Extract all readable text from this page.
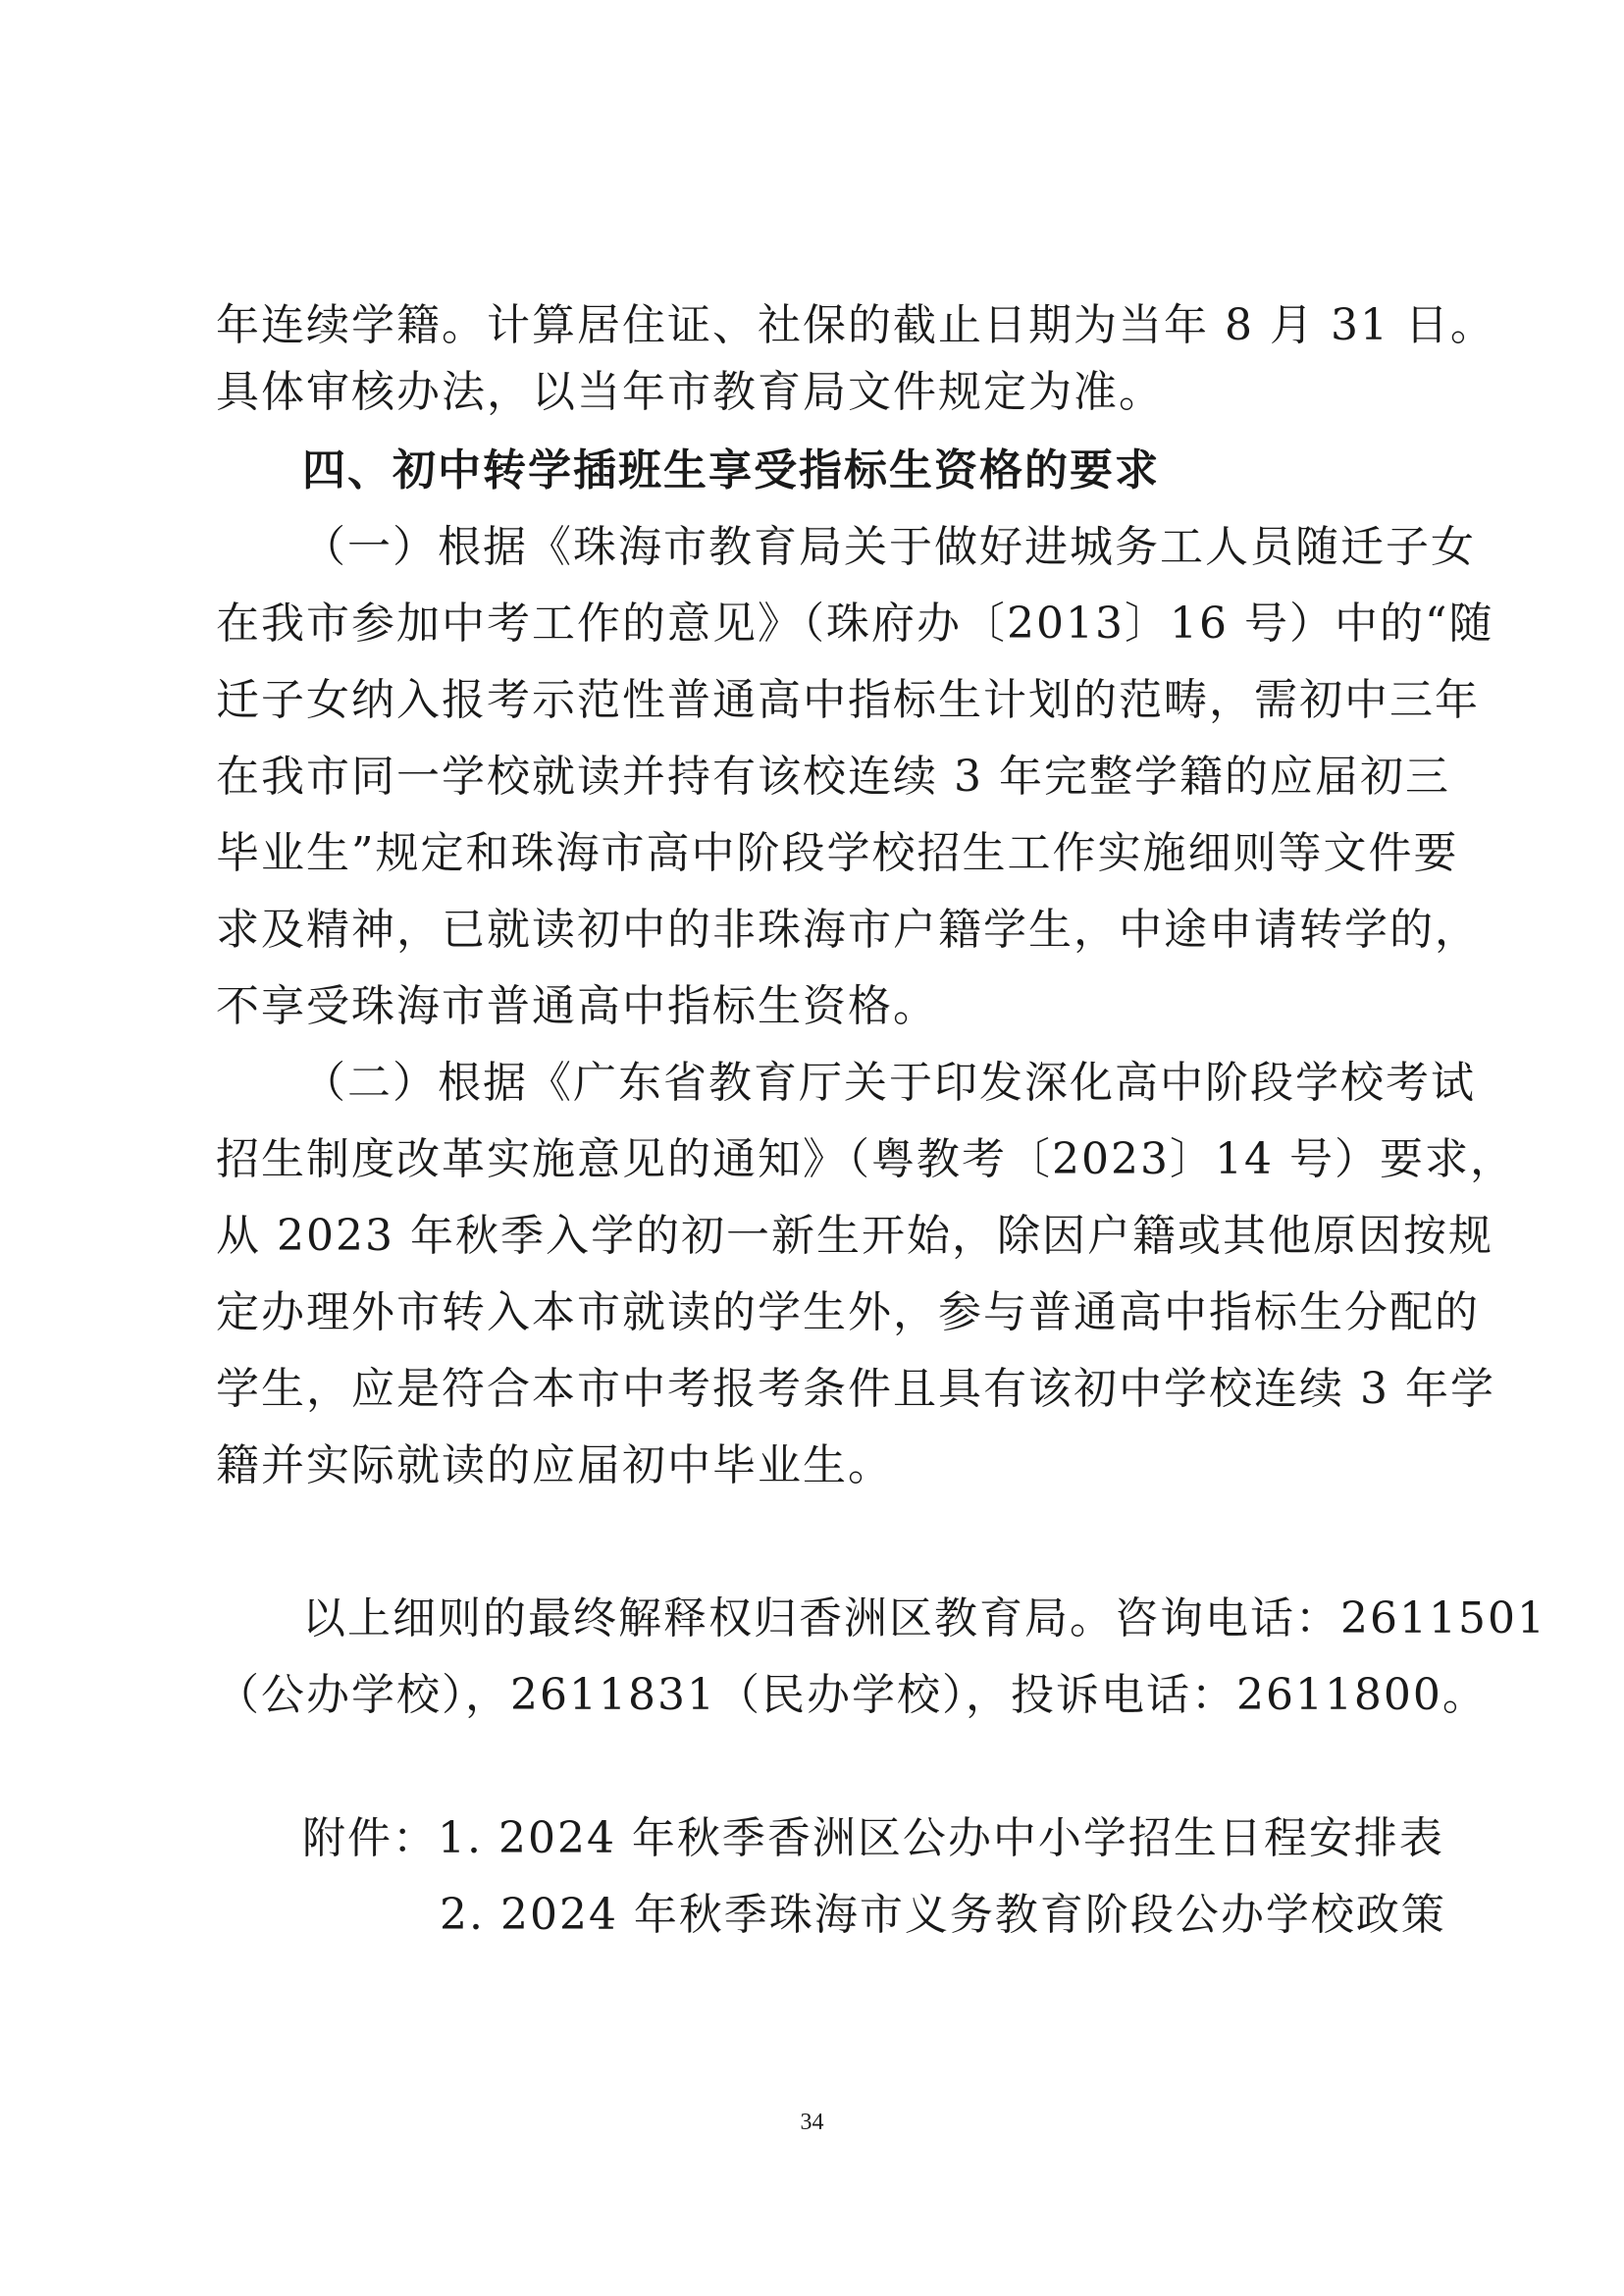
年连续学籍。计算居住证、社保的截止日期为当年 8 月 31 日。
具体审核办法，以当年市教育局文件规定为准。
四、初中转学插班生享受指标生资格的要求
（一）根据《珠海市教育局关于做好进城务工人员随迁子女
在我市参加中考工作的意见》（珠府办〔2013〕16 号）中的“随
迁子女纳入报考示范性普通高中指标生计划的范畴，需初中三年
在我市同一学校就读并持有该校连续 3 年完整学籍的应届初三
毕业生”规定和珠海市高中阶段学校招生工作实施细则等文件要
求及精神，已就读初中的非珠海市户籍学生，中途申请转学的，
不享受珠海市普通高中指标生资格。
（二）根据《广东省教育厅关于印发深化高中阶段学校考试
招生制度改革实施意见的通知》（粤教考〔2023〕14 号）要求，
从 2023 年秋季入学的初一新生开始，除因户籍或其他原因按规
定办理外市转入本市就读的学生外，参与普通高中指标生分配的
学生，应是符合本市中考报考条件且具有该初中学校连续 3 年学
籍并实际就读的应届初中毕业生。
以上细则的最终解释权归香洲区教育局。咨询电话：2611501
（公办学校），2611831（民办学校），投诉电话：2611800。
附件：1. 2024 年秋季香洲区公办中小学招生日程安排表
2. 2024 年秋季珠海市义务教育阶段公办学校政策
34
